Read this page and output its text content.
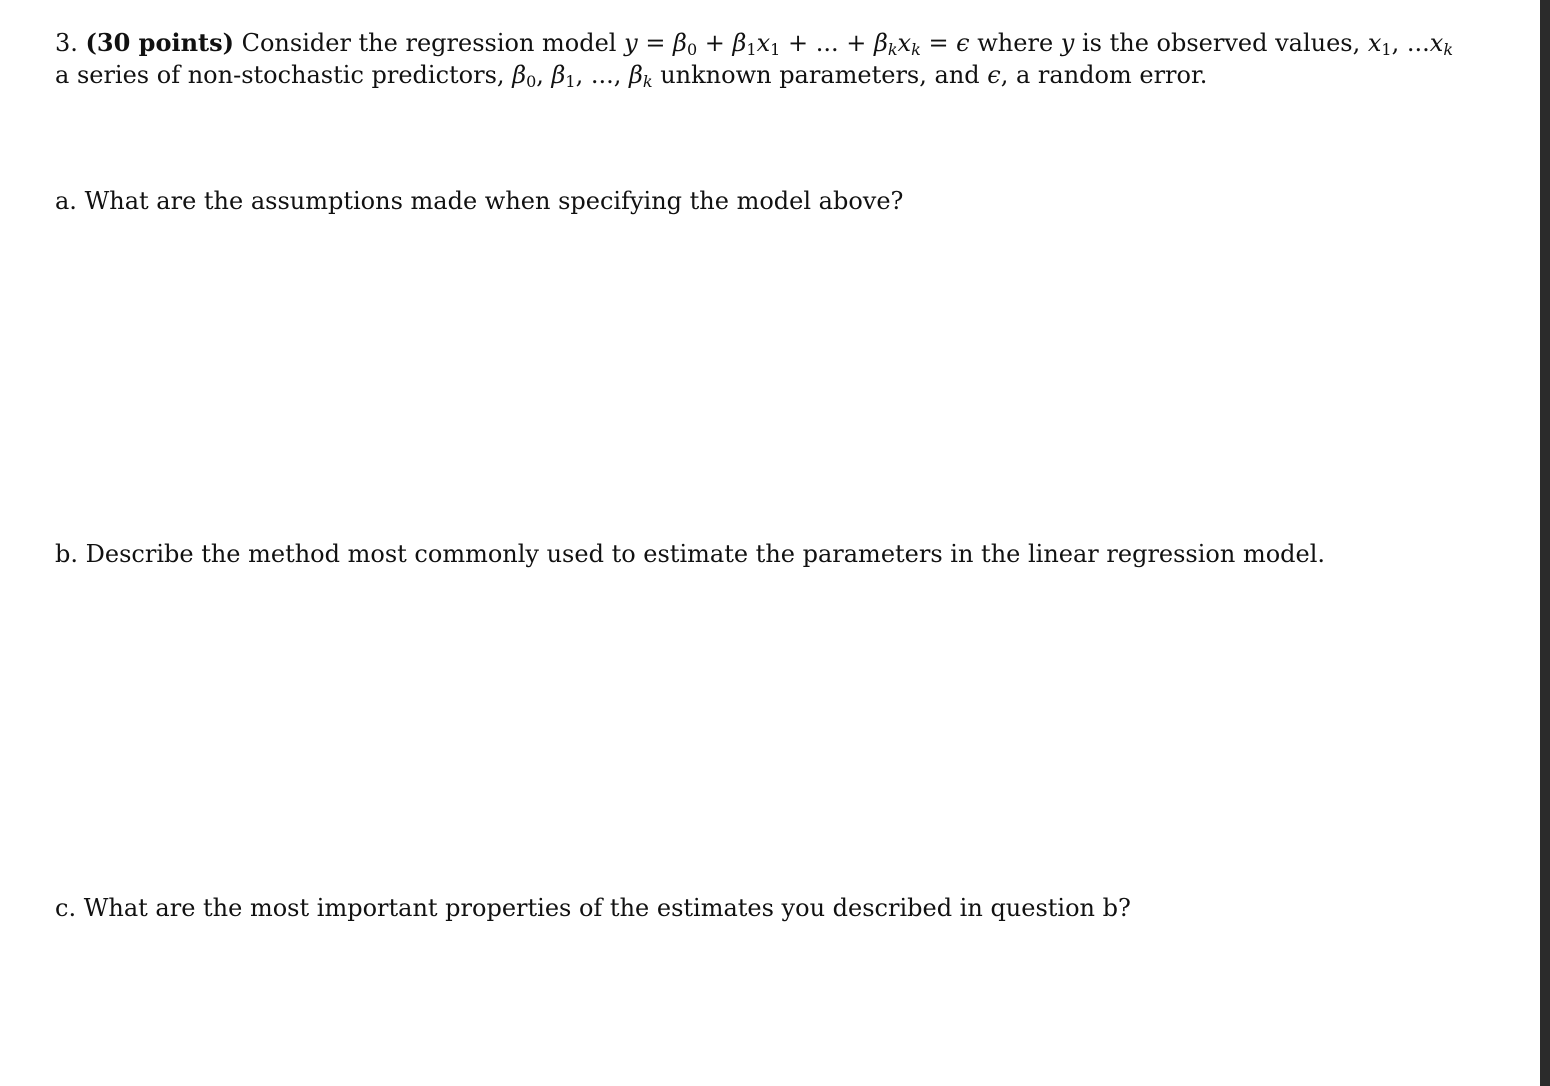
3. (30 points) Consider the regression model $y = \beta_0 + \beta_1x_1$ + ... + $\beta_kx_k = \epsilon$ where y is the observed values, $x_1$, $...x_k$
a series of non-stochastic predictors, $\beta_0$, $\beta_1$, ..., $\beta_k$ unknown parameters, and ϵ, a random error.
a. What are the assumptions made when specifying the model above?
b. Describe the method most commonly used to estimate the parameters in the linear regression model.
c. What are the most important properties of the estimates you described in question b?
